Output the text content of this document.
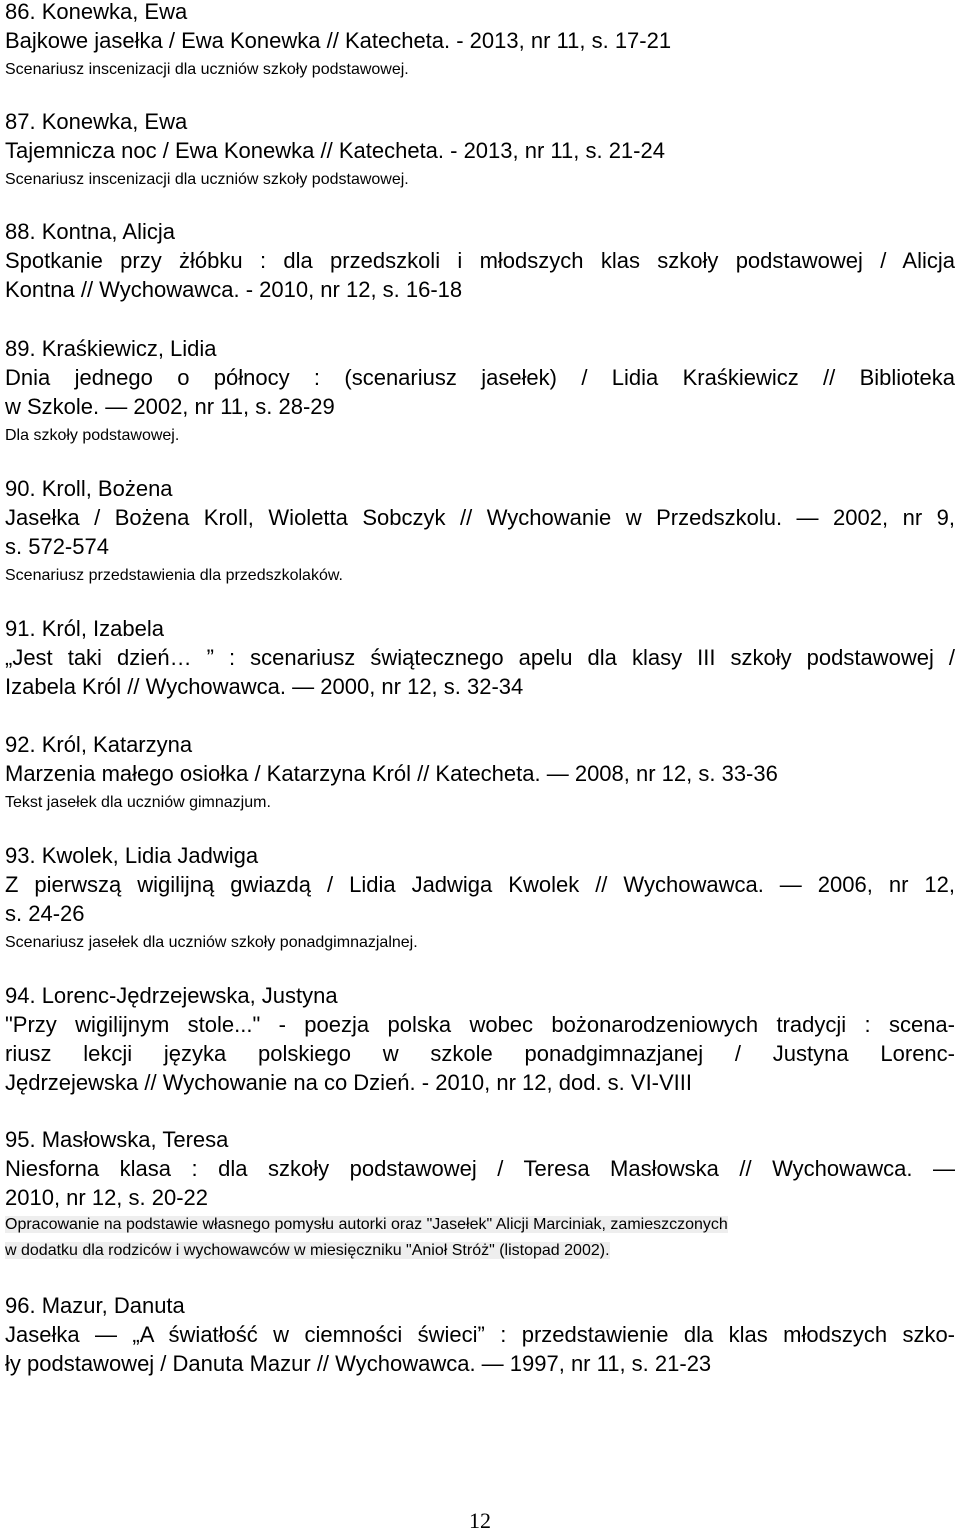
86. Konewka, Ewa
Bajkowe jasełka / Ewa Konewka // Katecheta. - 2013, nr 11, s. 17-21
Scenariusz inscenizacji dla uczniów szkoły podstawowej.
87. Konewka, Ewa
Tajemnicza noc / Ewa Konewka // Katecheta. - 2013, nr 11, s. 21-24
Scenariusz inscenizacji dla uczniów szkoły podstawowej.
88. Kontna, Alicja
Spotkanie przy żłóbku : dla przedszkoli i młodszych klas szkoły podstawowej / Alicja
Kontna // Wychowawca. - 2010, nr 12, s. 16-18
89. Kraśkiewicz, Lidia
Dnia jednego o północy : (scenariusz jasełek) / Lidia Kraśkiewicz // Biblioteka
w Szkole. — 2002, nr 11, s. 28-29
Dla szkoły podstawowej.
90. Kroll, Bożena
Jasełka / Bożena Kroll, Wioletta Sobczyk // Wychowanie w Przedszkolu. — 2002, nr 9,
s. 572-574
Scenariusz przedstawienia dla przedszkolaków.
91. Król, Izabela
„Jest taki dzień… ” : scenariusz świątecznego apelu dla klasy III szkoły podstawowej /
Izabela Król // Wychowawca. — 2000, nr 12, s. 32-34
92. Król, Katarzyna
Marzenia małego osiołka / Katarzyna Król // Katecheta. — 2008, nr 12, s. 33-36
Tekst jasełek dla uczniów gimnazjum.
93. Kwolek, Lidia Jadwiga
Z pierwszą wigilijną gwiazdą / Lidia Jadwiga Kwolek // Wychowawca. — 2006, nr 12,
s. 24-26
Scenariusz jasełek dla uczniów szkoły ponadgimnazjalnej.
94. Lorenc-Jędrzejewska, Justyna
"Przy wigilijnym stole..." - poezja polska wobec bożonarodzeniowych tradycji : scena-
riusz lekcji języka polskiego w szkole ponadgimnazjanej / Justyna Lorenc-
Jędrzejewska // Wychowanie na co Dzień. - 2010, nr 12, dod. s. VI-VIII
95. Masłowska, Teresa
Niesforna klasa : dla szkoły podstawowej / Teresa Masłowska // Wychowawca. —
2010, nr 12, s. 20-22
Opracowanie na podstawie własnego pomysłu autorki oraz "Jasełek" Alicji Marciniak, zamieszczonych
w dodatku dla rodziców i wychowawców w miesięczniku "Anioł Stróż" (listopad 2002).
96. Mazur, Danuta
Jasełka — „A światłość w ciemności świeci” : przedstawienie dla klas młodszych szko-
ły podstawowej / Danuta Mazur // Wychowawca. — 1997, nr 11, s. 21-23
12
